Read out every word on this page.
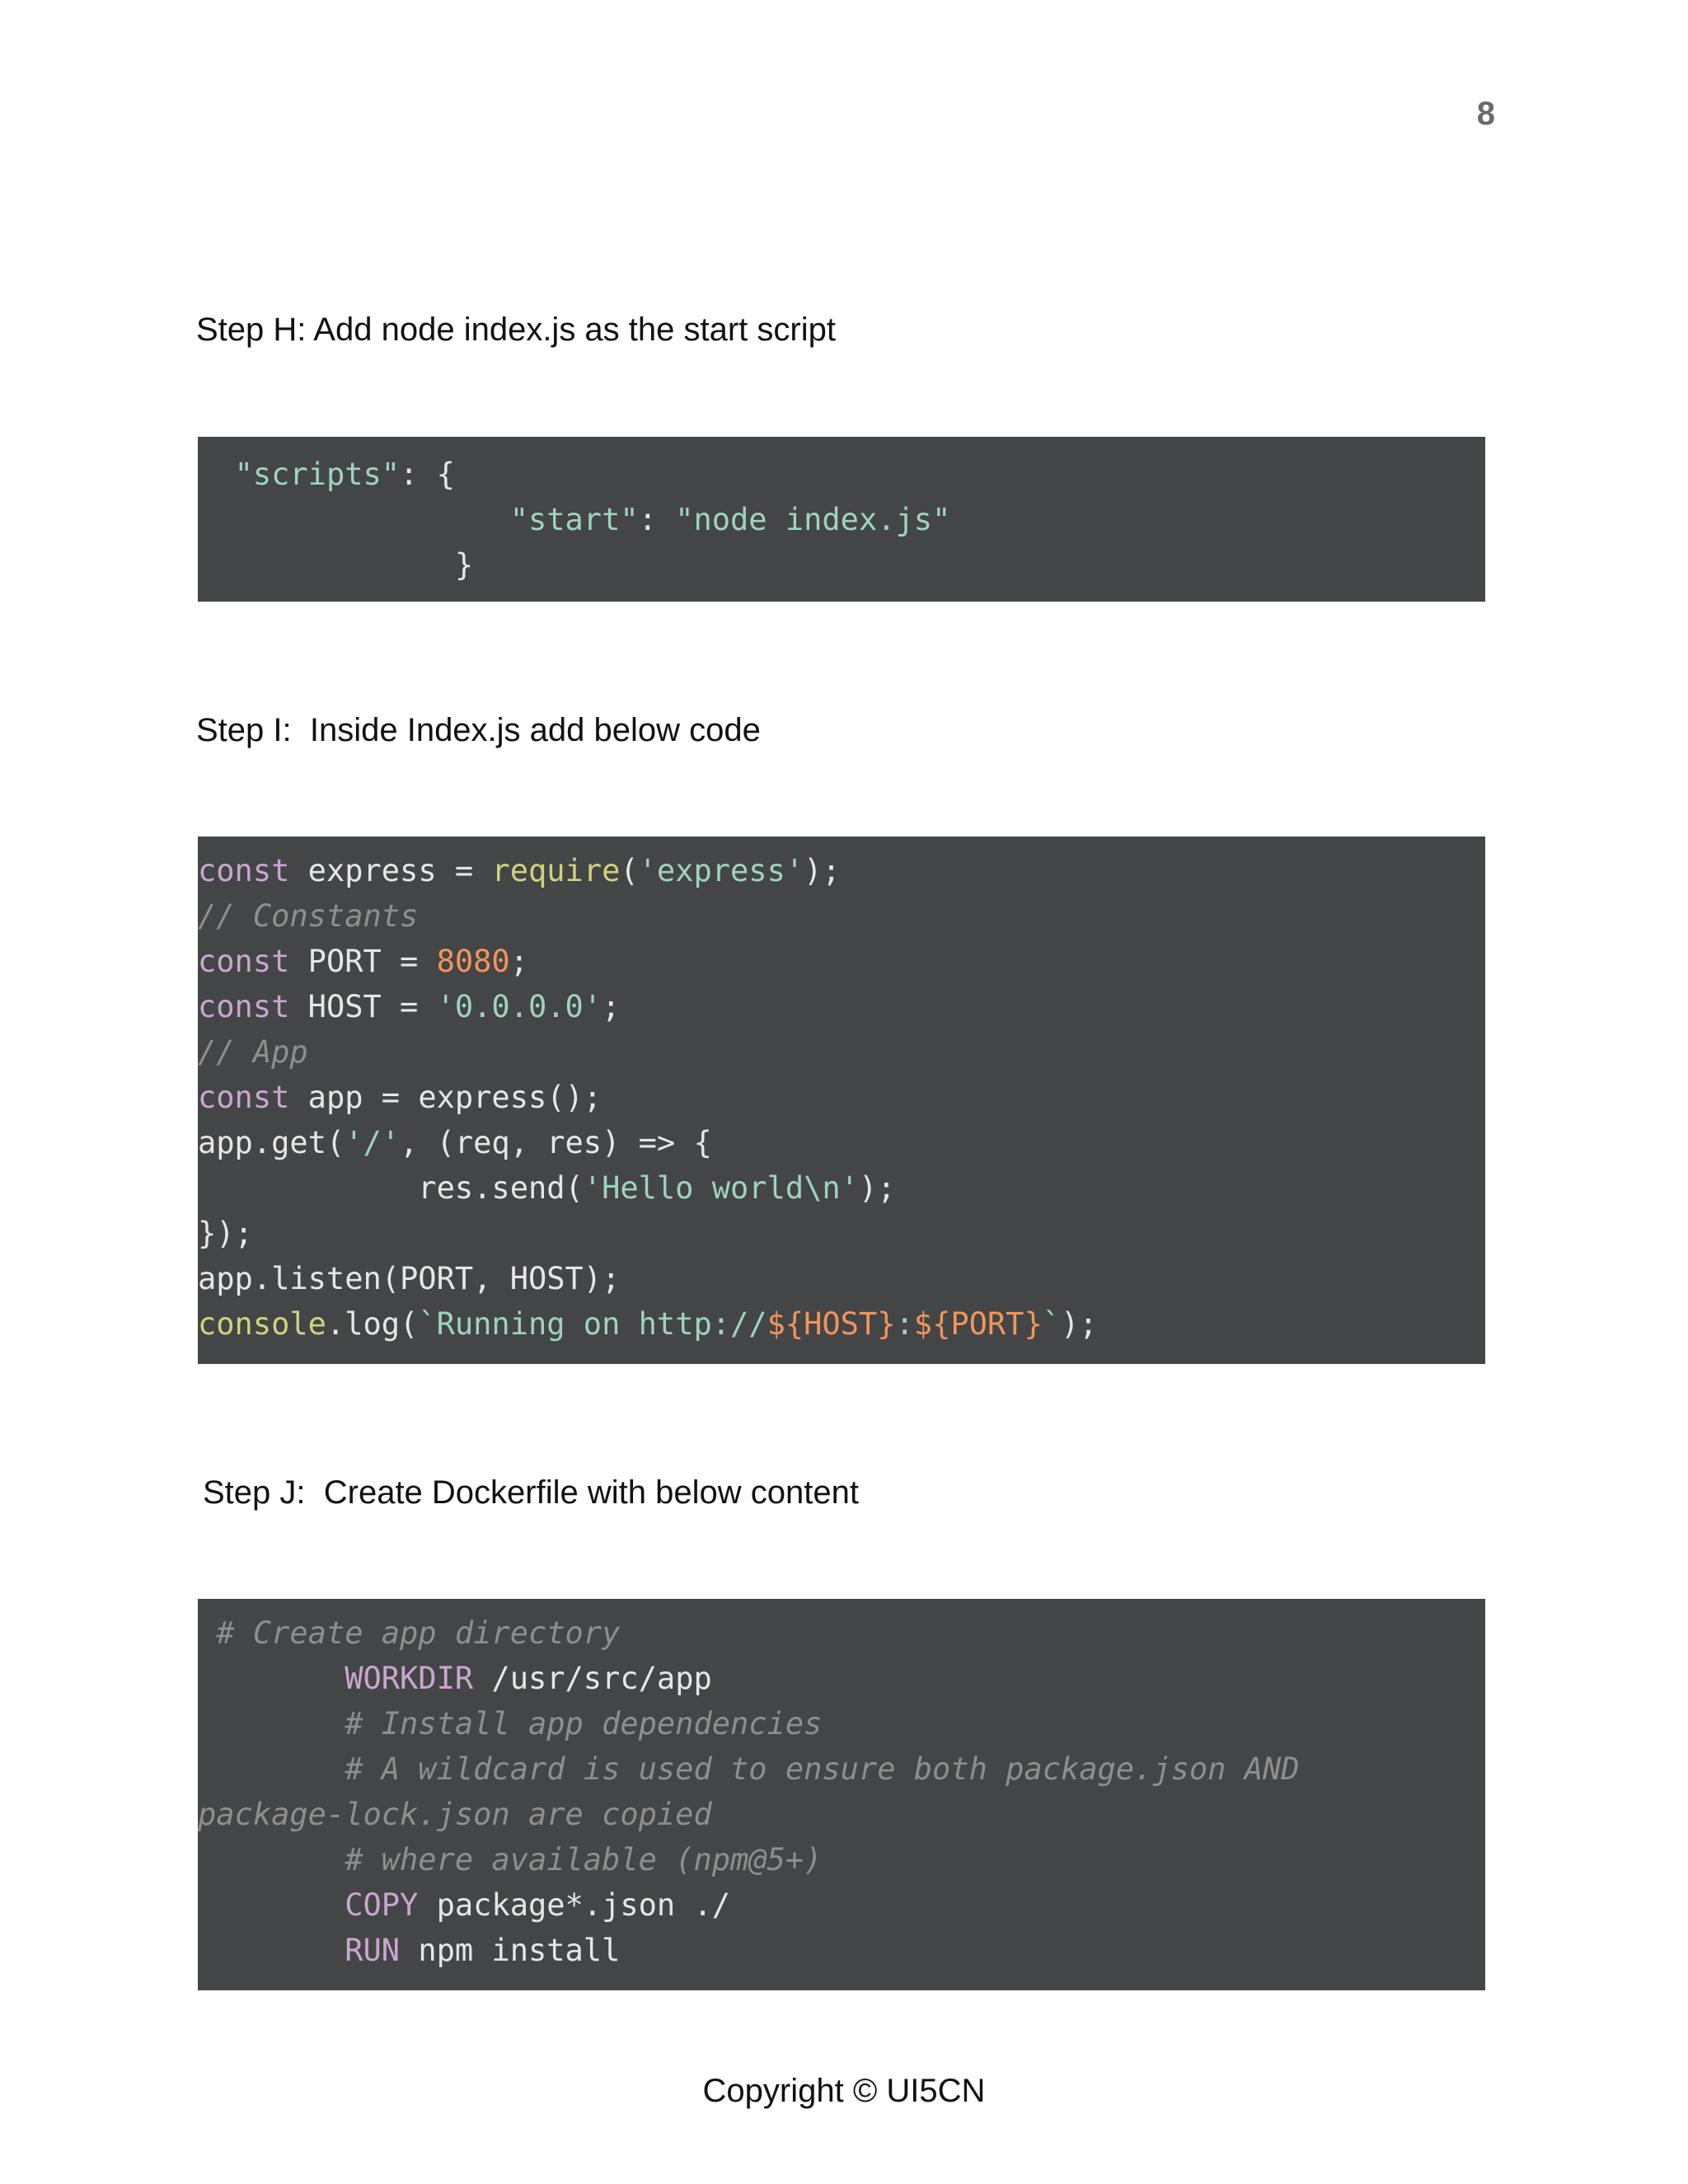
8
Step H: Add node index.js as the start script
"scripts": {
"start": "node index.js"
}
Step I:  Inside Index.js add below code
const express = require('express');
// Constants
const PORT = 8080;
const HOST = '0.0.0.0';
// App
const app = express();
app.get('/', (req, res) => {
res.send('Hello world\n');
});
app.listen(PORT, HOST);
console.log(`Running on http://${HOST}:${PORT}`);
Step J:  Create Dockerfile with below content
# Create app directory
WORKDIR /usr/src/app
# Install app dependencies
# A wildcard is used to ensure both package.json AND
package-lock.json are copied
# where available (npm@5+)
COPY package*.json ./
RUN npm install
Copyright © UI5CN
